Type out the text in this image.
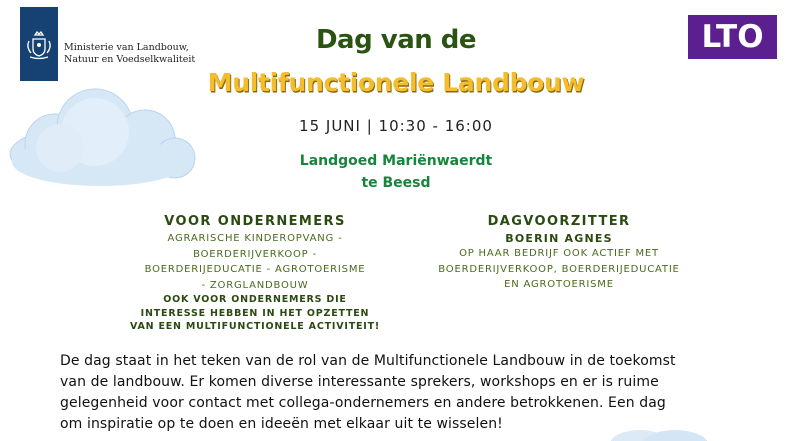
Ministerie van Landbouw,
Natuur en Voedselkwaliteit
LTO
Dag van de
Multifunctionele Landbouw
15 JUNI | 10:30 - 16:00
Landgoed Mariënwaerdt
te Beesd
VOOR ONDERNEMERS
AGRARISCHE KINDEROPVANG -
BOERDERIJVERKOOP -
BOERDERIJEDUCATIE - AGROTOERISME
- ZORGLANDBOUW
OOK VOOR ONDERNEMERS DIE
INTERESSE HEBBEN IN HET OPZETTEN
VAN EEN MULTIFUNCTIONELE ACTIVITEIT!
DAGVOORZITTER
BOERIN AGNES
OP HAAR BEDRIJF OOK ACTIEF MET
BOERDERIJVERKOOP, BOERDERIJEDUCATIE
EN AGROTOERISME
De dag staat in het teken van de rol van de Multifunctionele Landbouw in de toekomst
van de landbouw. Er komen diverse interessante sprekers, workshops en er is ruime
gelegenheid voor contact met collega-ondernemers en andere betrokkenen. Een dag
om inspiratie op te doen en ideeën met elkaar uit te wisselen!
